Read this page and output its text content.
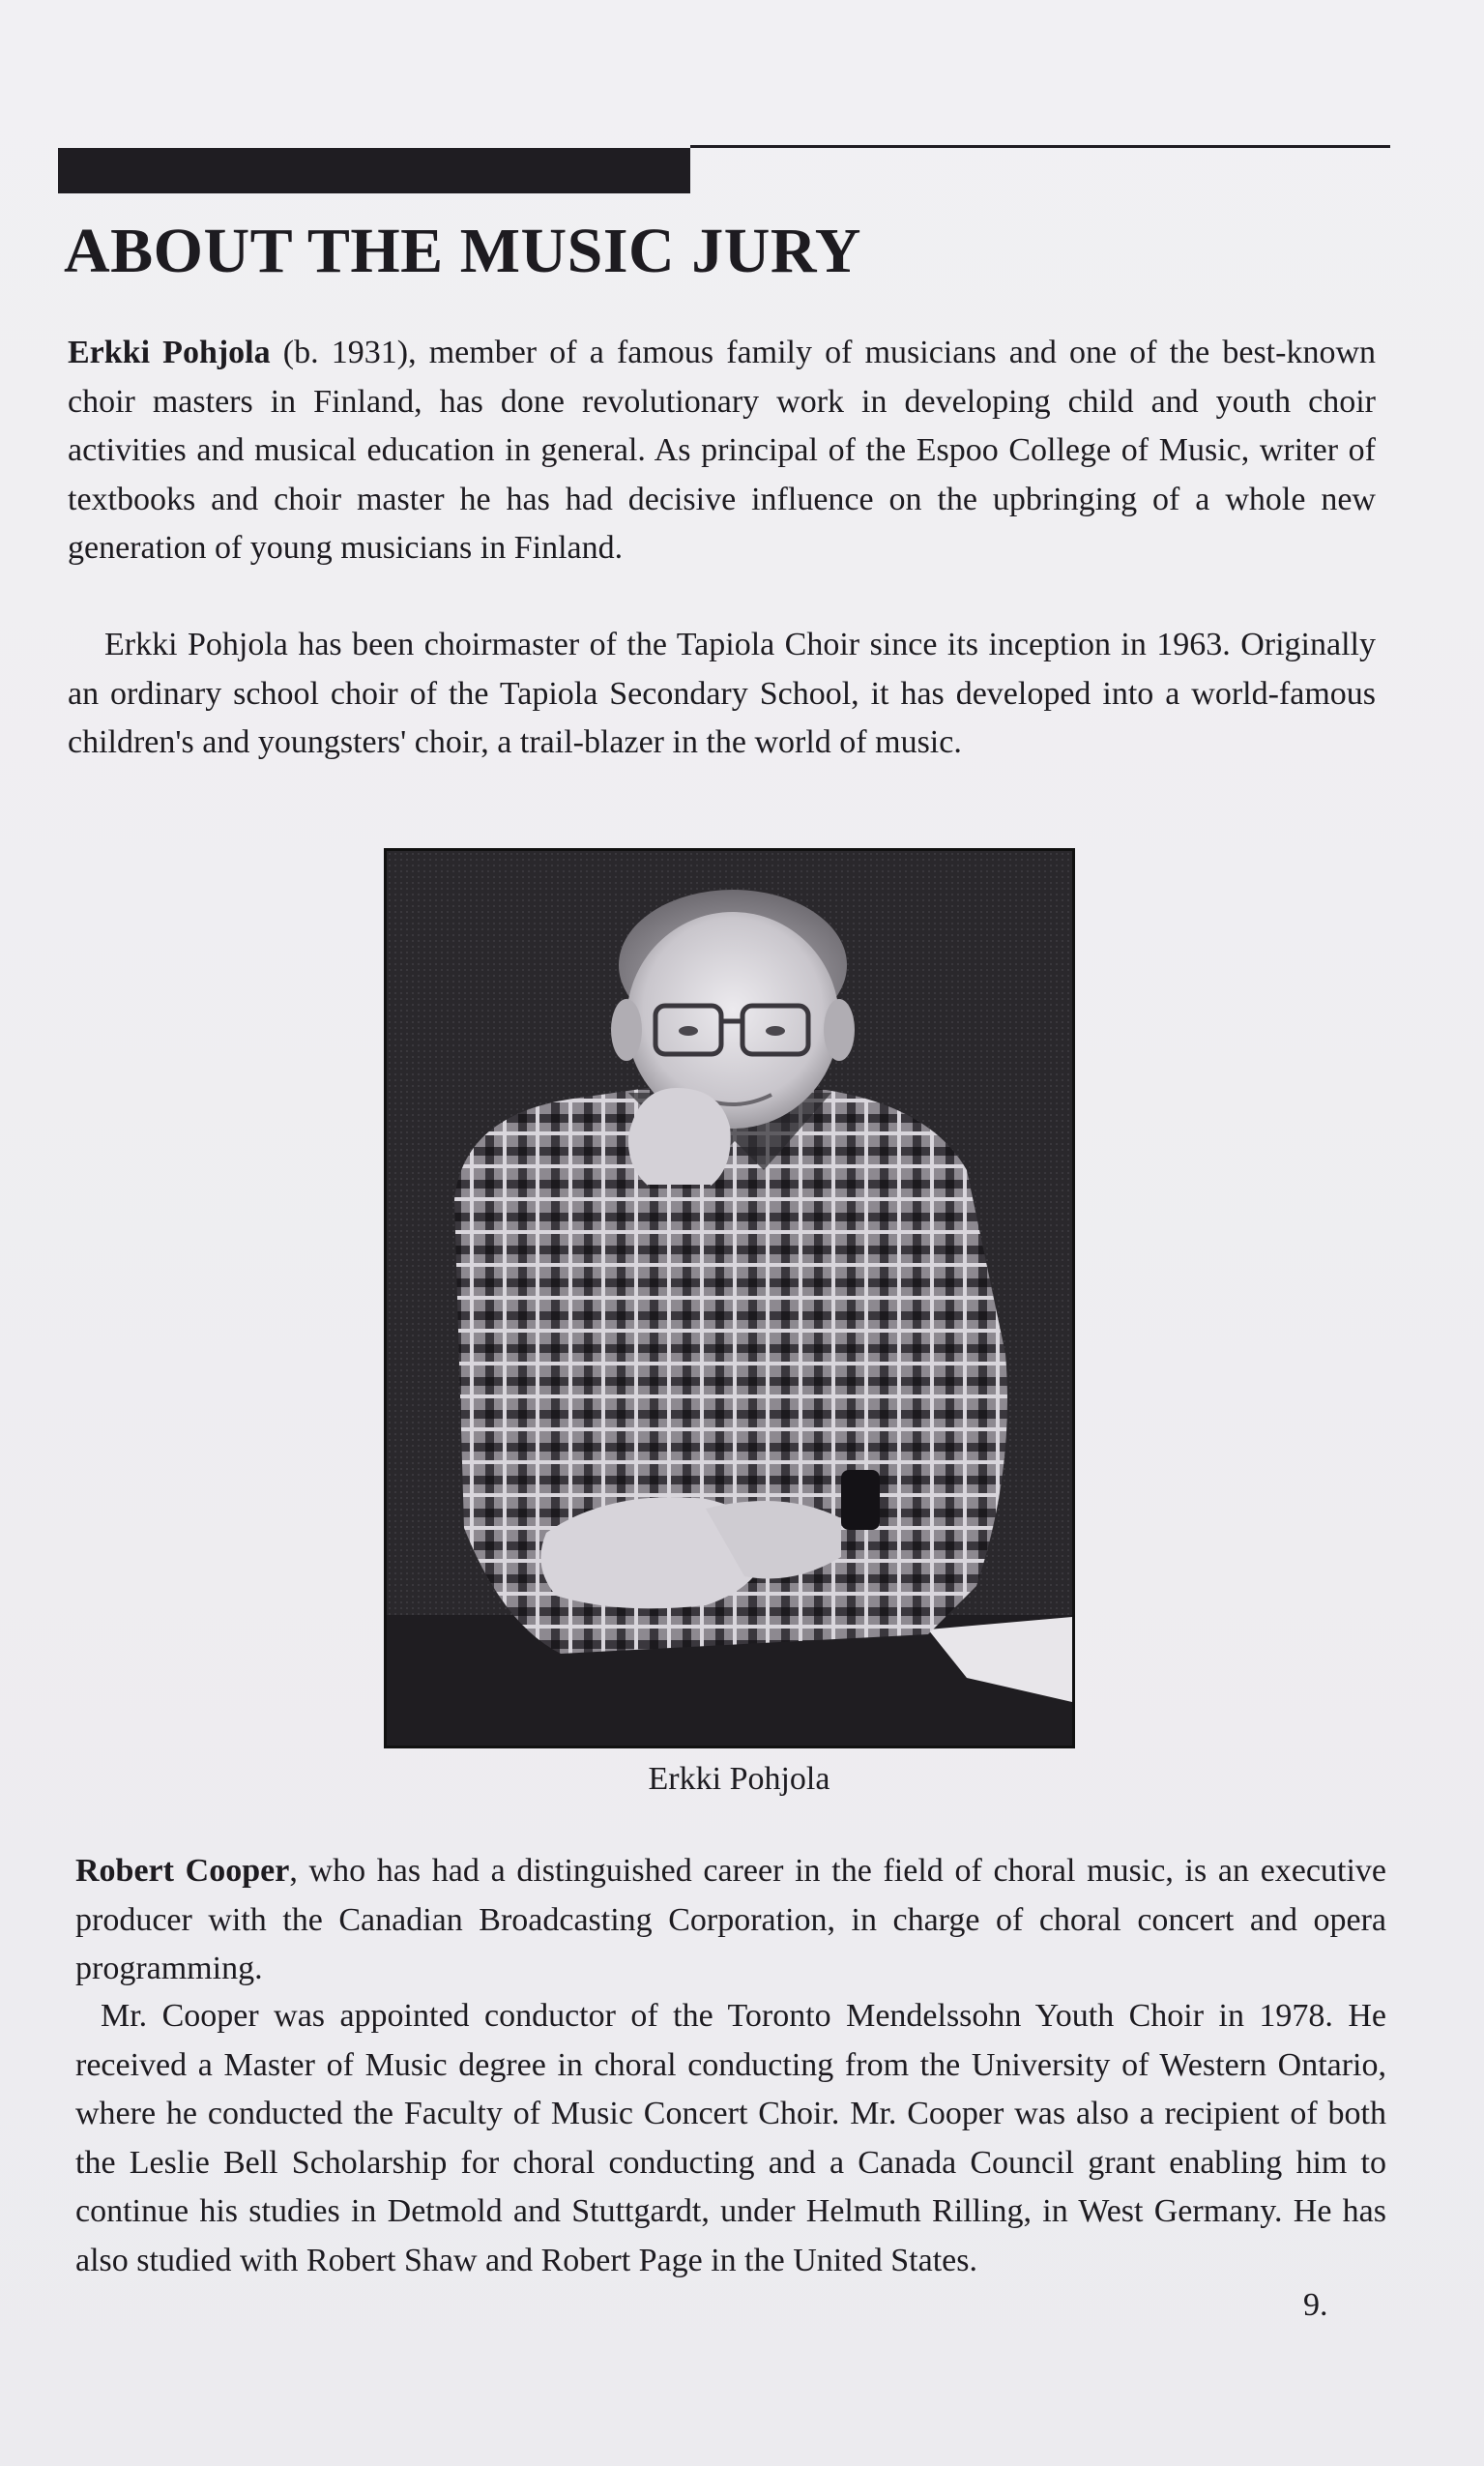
ABOUT THE MUSIC JURY

Erkki Pohjola (b. 1931), member of a famous family of musicians and one of the best-known choir masters in Finland, has done revolutionary work in developing child and youth choir activities and musical education in general. As principal of the Espoo College of Music, writer of textbooks and choir master he has had decisive influence on the upbringing of a whole new generation of young musicians in Finland.

Erkki Pohjola has been choirmaster of the Tapiola Choir since its inception in 1963. Originally an ordinary school choir of the Tapiola Secondary School, it has developed into a world-famous children's and youngsters' choir, a trail-blazer in the world of music.

Erkki Pohjola

Robert Cooper, who has had a distinguished career in the field of choral music, is an executive producer with the Canadian Broadcasting Corporation, in charge of choral concert and opera programming.

Mr. Cooper was appointed conductor of the Toronto Mendelssohn Youth Choir in 1978. He received a Master of Music degree in choral conducting from the University of Western Ontario, where he conducted the Faculty of Music Concert Choir. Mr. Cooper was also a recipient of both the Leslie Bell Scholarship for choral conducting and a Canada Council grant enabling him to continue his studies in Detmold and Stuttgardt, under Helmuth Rilling, in West Germany. He has also studied with Robert Shaw and Robert Page in the United States.

9.
